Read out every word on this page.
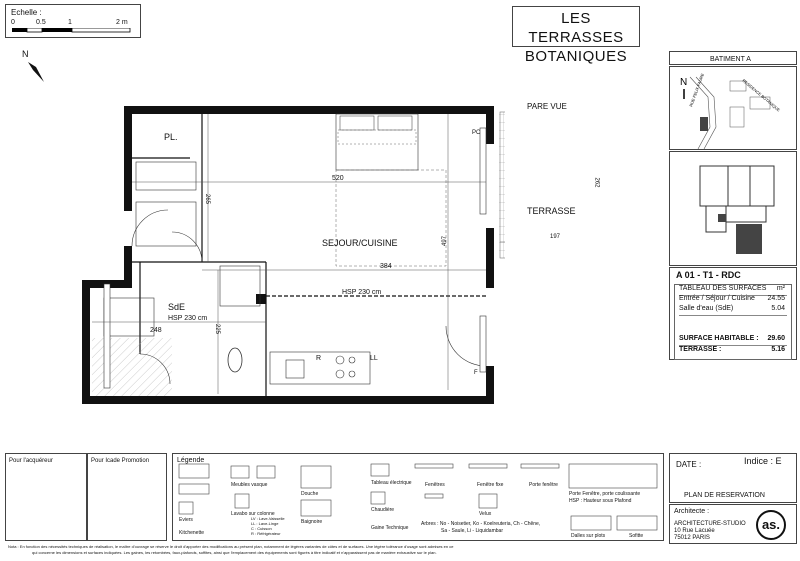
Echelle :
0	0.5	1	2 m
N
LES TERRASSES
BOTANIQUES	BATIMENT A
N RUE FELIX FAURE	RESIDENCE BOTANIQUE
A 01 - T1 - RDC
TABLEAU DES SURFACES m²
Entrée / Séjour / Cuisine 24.55
Salle d'eau (SdE)	5.04
SURFACE HABITABLE : 29.60
TERRASSE :	5.16
PL.
SEJOUR/CUISINE
SdE
HSP 230 cm
LL
R
PC
F
520
384
HSP 230 cm
248
265
497
225
PARE VUE
TERRASSE
262
197
Pour l'acquéreur	Pour Icade Promotion	Légende
Meubles vasque
Lavabo sur colonne
Douche
Baignoire
Tableau électrique
Chaudière
Gaine Technique
Fenêtres	Fenêtre fixe	Porte fenêtre
Velux
Porte Fenêtre, porte coulissante
HSP : Hauteur sous Plafond
Dalles sur plots	Sofitte
Kitchenette
Eviers	LV : Lave-Vaisselle
LL : Lave-Linge
C : Cuisson
R : Réfrigérateur
Arbres : No - Noisetier, Ko - Koelreuteria, Ch - Chêne,
Sa - Saule, Li - Liquidambar
DATE :	Indice : E
PLAN DE RESERVATION
Architecte :
ARCHITECTURE-STUDIO
10 Rue Lacuée
75012 PARIS
as.
Nota : En fonction des nécessités techniques de réalisation, le maître d'ouvrage se réserve le droit d'apporter des modifications au présent plan, notamment de légères variantes de côtes et de surfaces. Une légère tolérance d'usage sont admises en ce
qui concerne les dimensions et surfaces indiquées. Les gaines, les retombées, faux-plafonds, soffites, ainsi que l'emplacement des équipements sont figurés à titre indicatif et n'apparaissent pas de manière exhaustive sur le plan.
